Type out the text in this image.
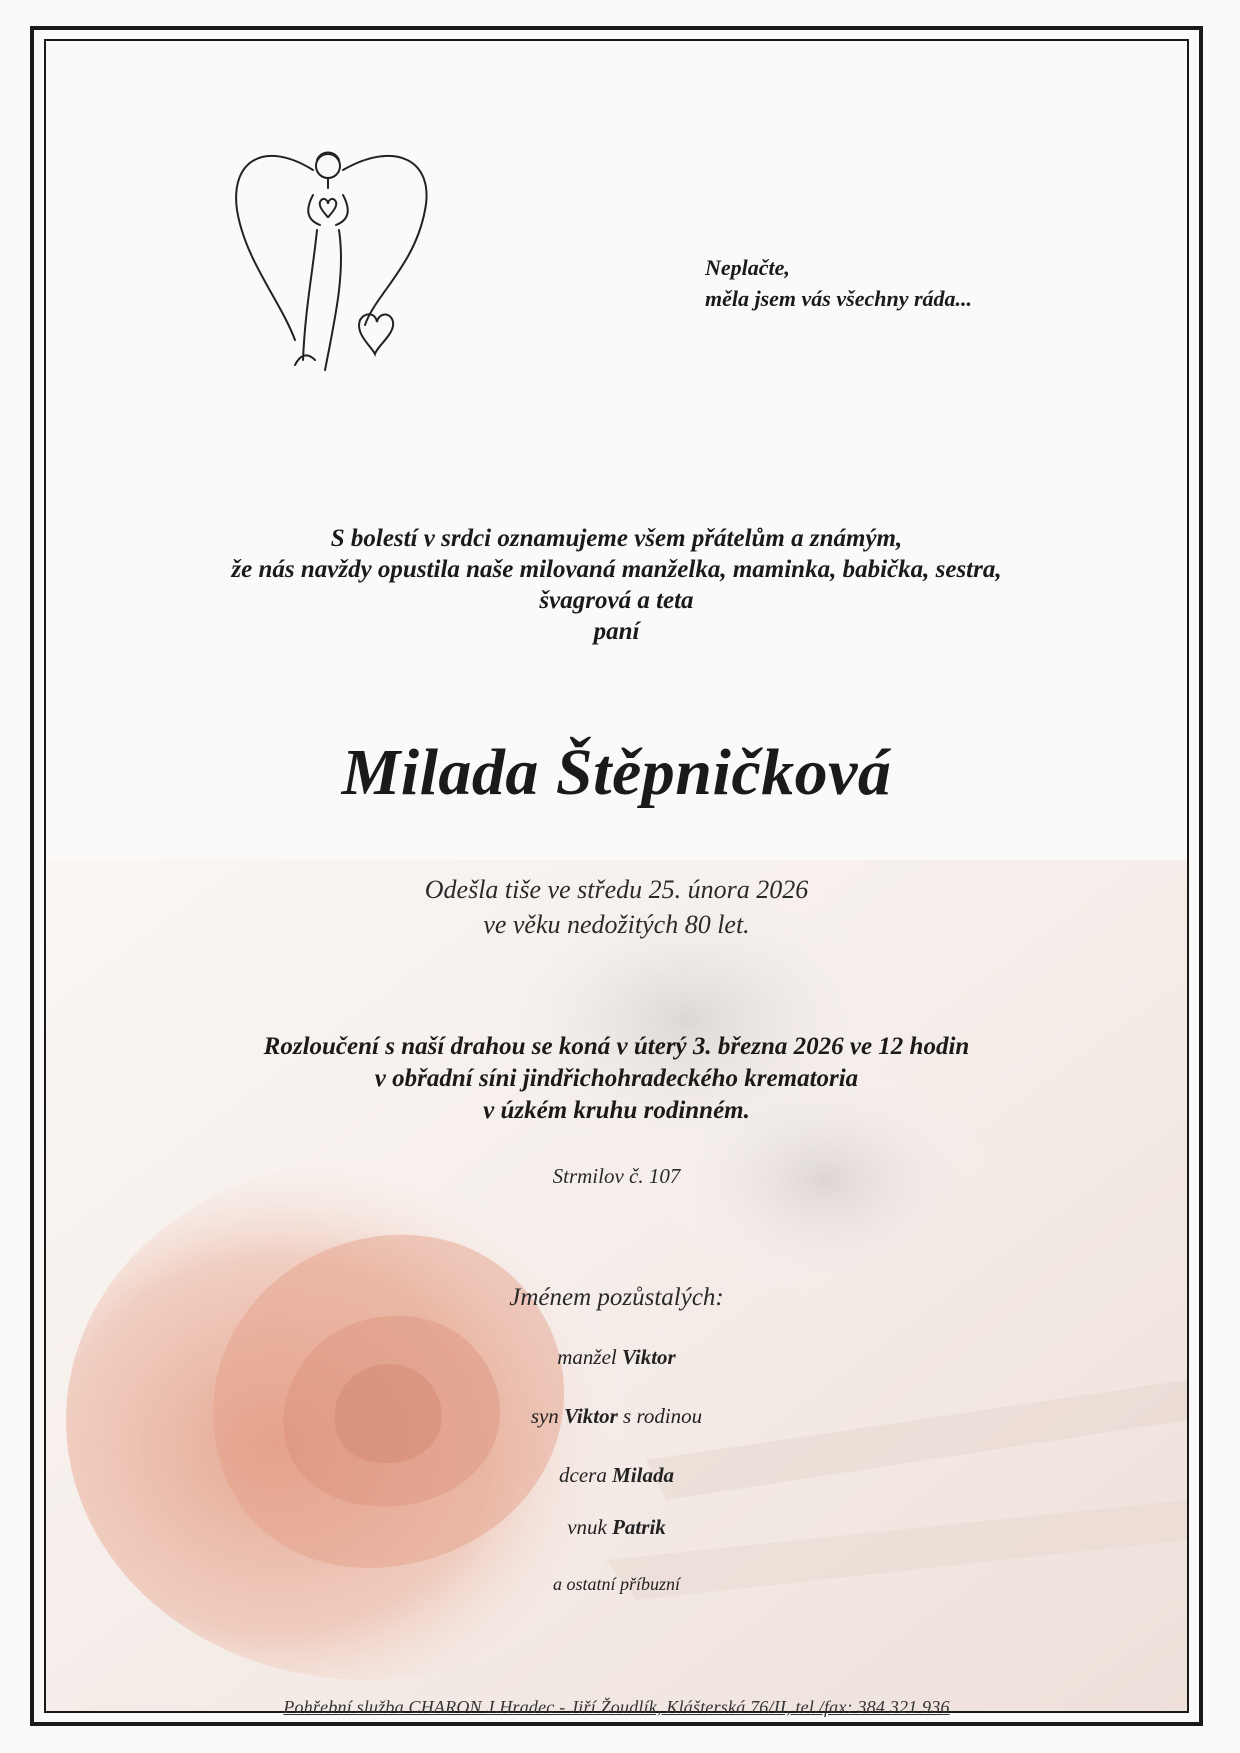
Neplačte,
měla jsem vás všechny ráda...
S bolestí v srdci oznamujeme všem přátelům a známým,
že nás navždy opustila naše milovaná manželka, maminka, babička, sestra,
švagrová a teta
paní
Milada Štěpničková
Odešla tiše ve středu 25. února 2026
ve věku nedožitých 80 let.
Rozloučení s naší drahou se koná v úterý 3. března 2026 ve 12 hodin
v obřadní síni jindřichohradeckého krematoria
v úzkém kruhu rodinném.
Strmilov č. 107
Jménem pozůstalých:
manžel Viktor
syn Viktor s rodinou
dcera Milada
vnuk Patrik
a ostatní příbuzní
Pohřební služba CHARON J.Hradec - Jiří Žoudlík, Klášterská 76/II, tel./fax: 384 321 936
